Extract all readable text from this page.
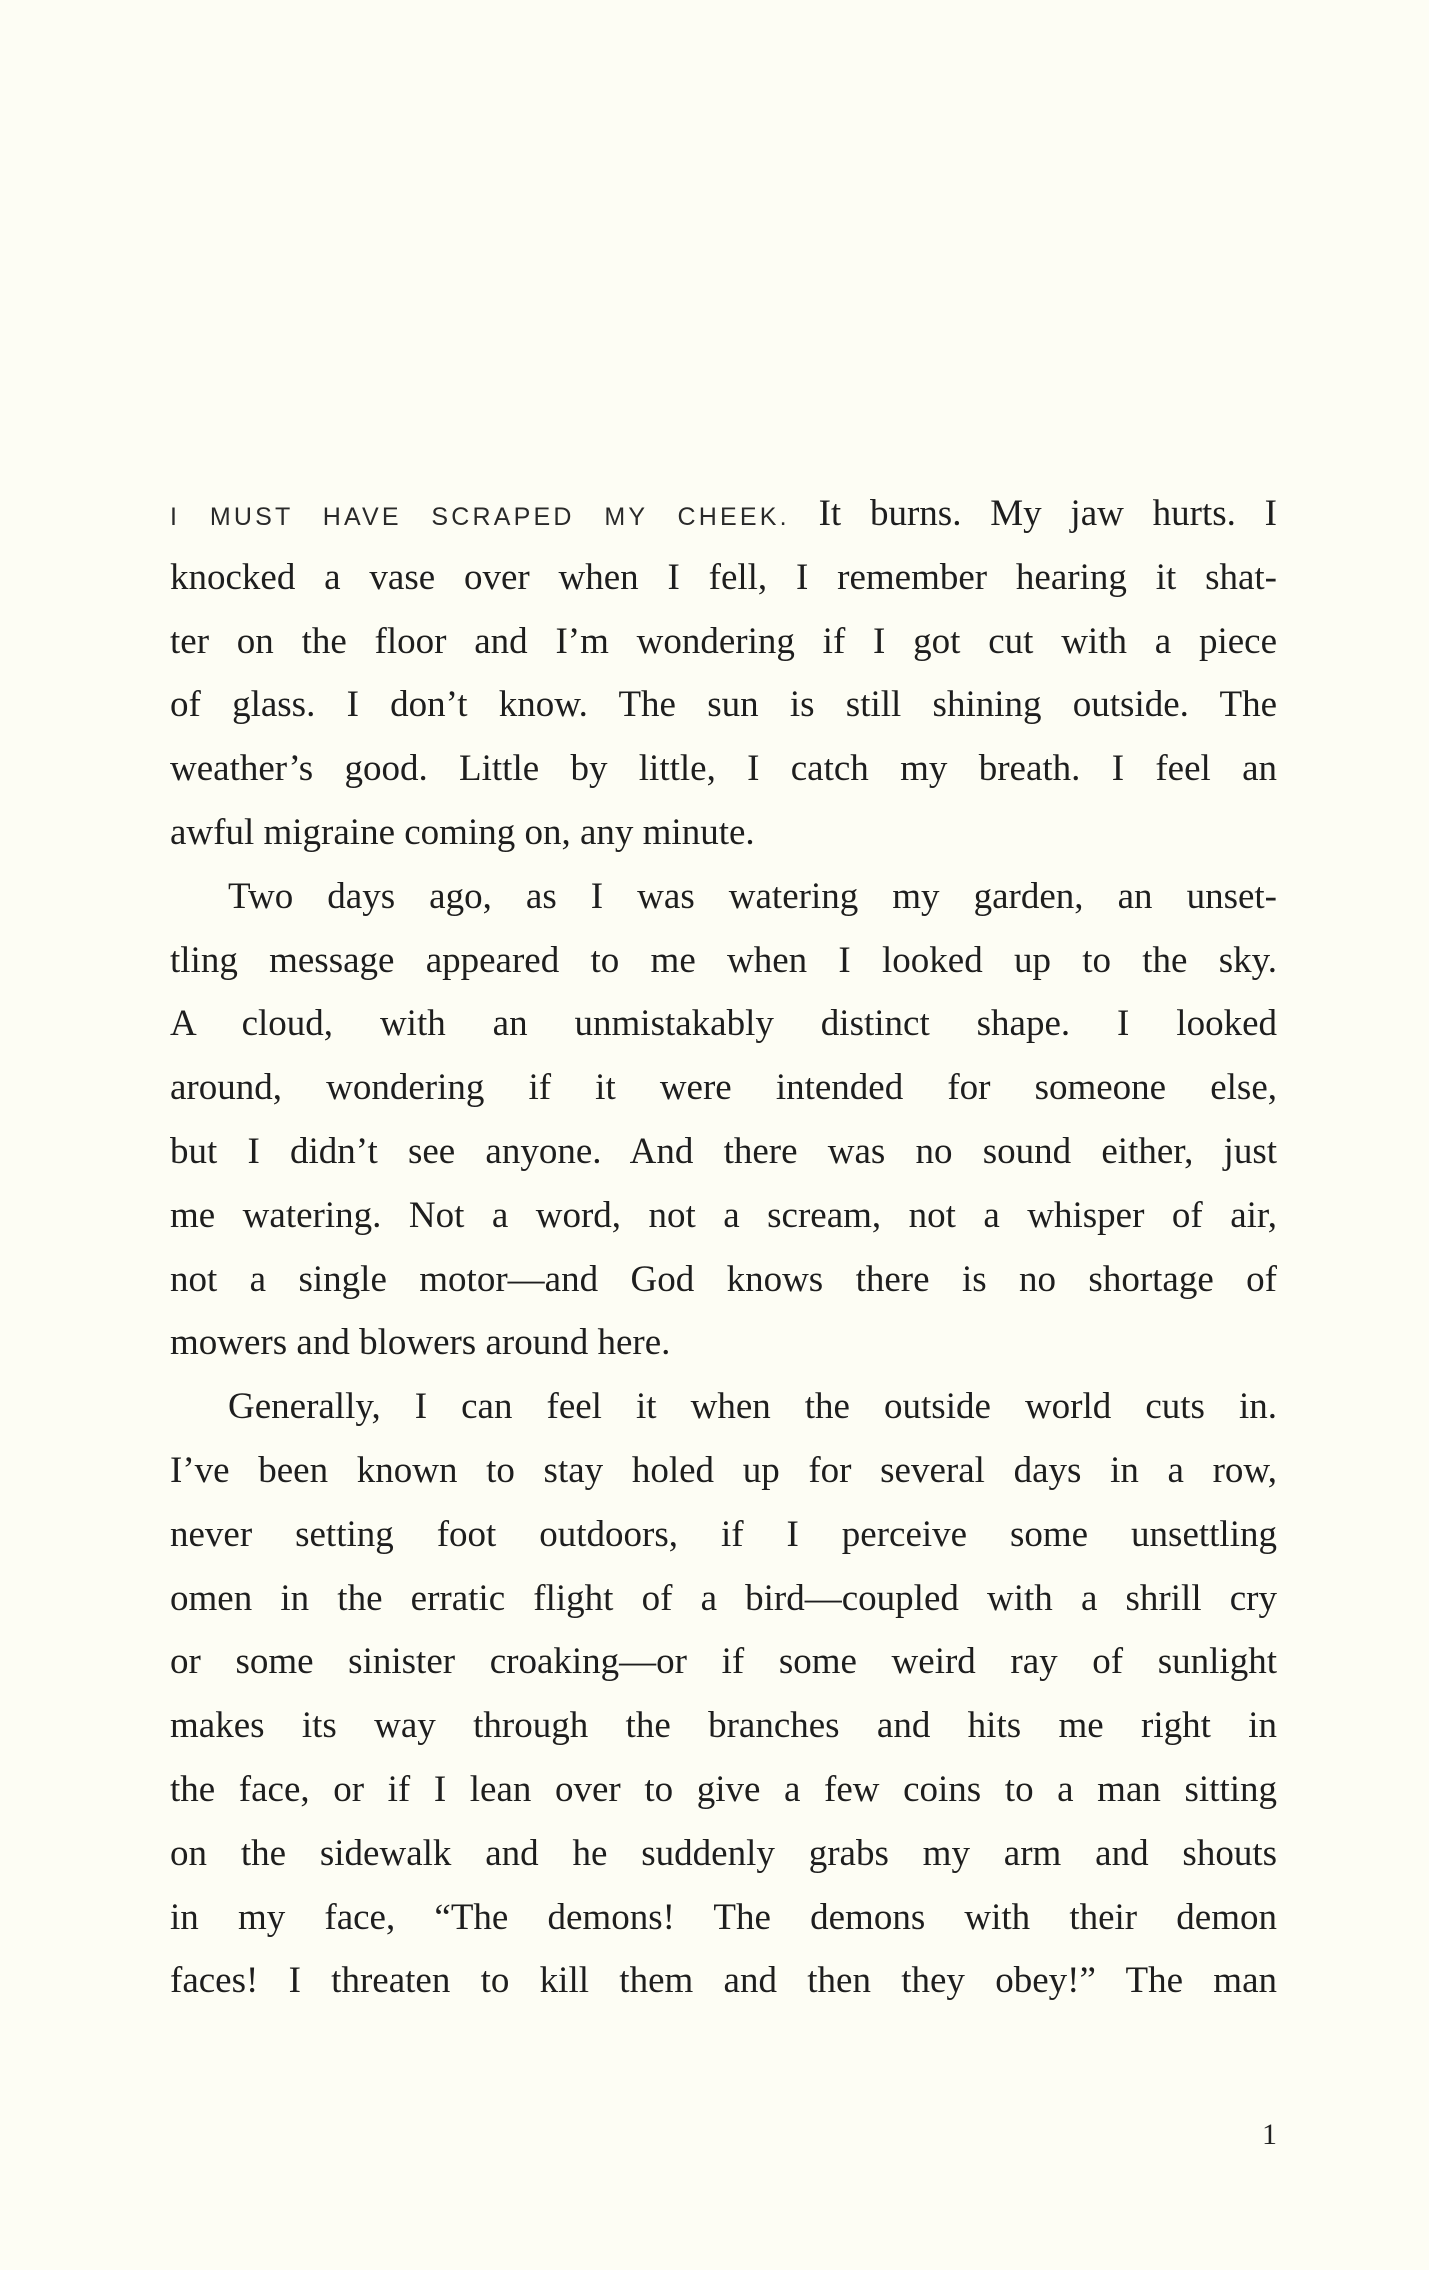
I MUST HAVE SCRAPED MY CHEEK. It burns. My jaw hurts. I
knocked a vase over when I fell, I remember hearing it shat-
ter on the floor and I’m wondering if I got cut with a piece
of glass. I don’t know. The sun is still shining outside. The
weather’s good. Little by little, I catch my breath. I feel an
awful migraine coming on, any minute.
Two days ago, as I was watering my garden, an unset-
tling message appeared to me when I looked up to the sky.
A cloud, with an unmistakably distinct shape. I looked
around, wondering if it were intended for someone else,
but I didn’t see anyone. And there was no sound either, just
me watering. Not a word, not a scream, not a whisper of air,
not a single motor—and God knows there is no shortage of
mowers and blowers around here.
Generally, I can feel it when the outside world cuts in.
I’ve been known to stay holed up for several days in a row,
never setting foot outdoors, if I perceive some unsettling
omen in the erratic flight of a bird—coupled with a shrill cry
or some sinister croaking—or if some weird ray of sunlight
makes its way through the branches and hits me right in
the face, or if I lean over to give a few coins to a man sitting
on the sidewalk and he suddenly grabs my arm and shouts
in my face, “The demons! The demons with their demon
faces! I threaten to kill them and then they obey!” The man
1
